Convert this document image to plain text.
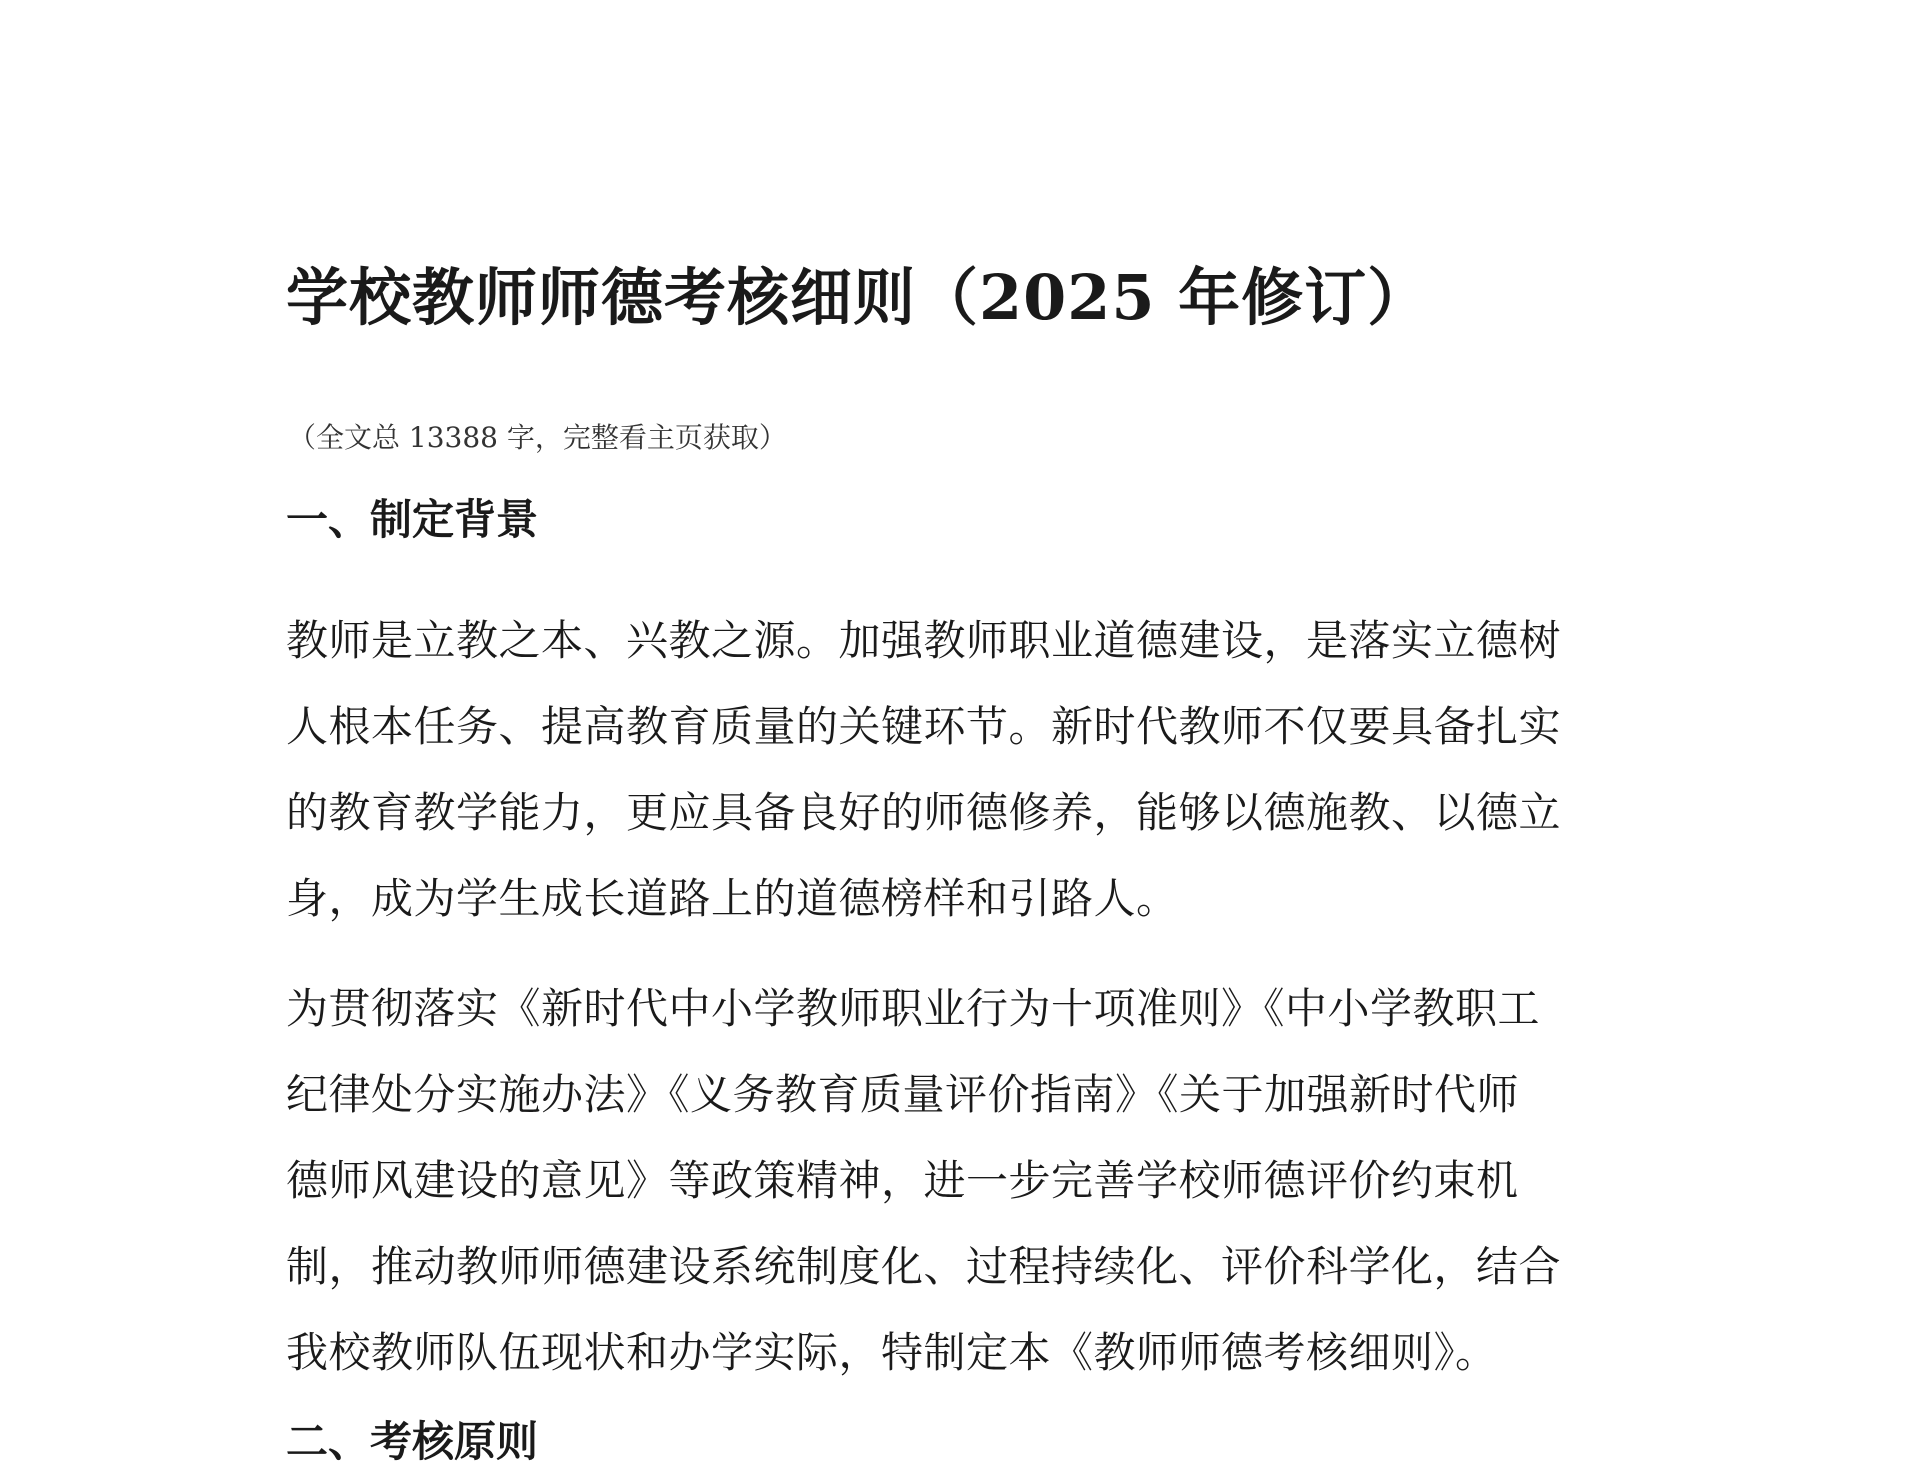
学校教师师德考核细则（2025 年修订）

（全文总 13388 字，完整看主页获取）

一、制定背景
教师是立教之本、兴教之源。加强教师职业道德建设，是落实立德树
人根本任务、提高教育质量的关键环节。新时代教师不仅要具备扎实
的教育教学能力，更应具备良好的师德修养，能够以德施教、以德立
身，成为学生成长道路上的道德榜样和引路人。
为贯彻落实《新时代中小学教师职业行为十项准则》《中小学教职工
纪律处分实施办法》《义务教育质量评价指南》《关于加强新时代师
德师风建设的意见》等政策精神，进一步完善学校师德评价约束机
制，推动教师师德建设系统制度化、过程持续化、评价科学化，结合
我校教师队伍现状和办学实际，特制定本《教师师德考核细则》。
二、考核原则
